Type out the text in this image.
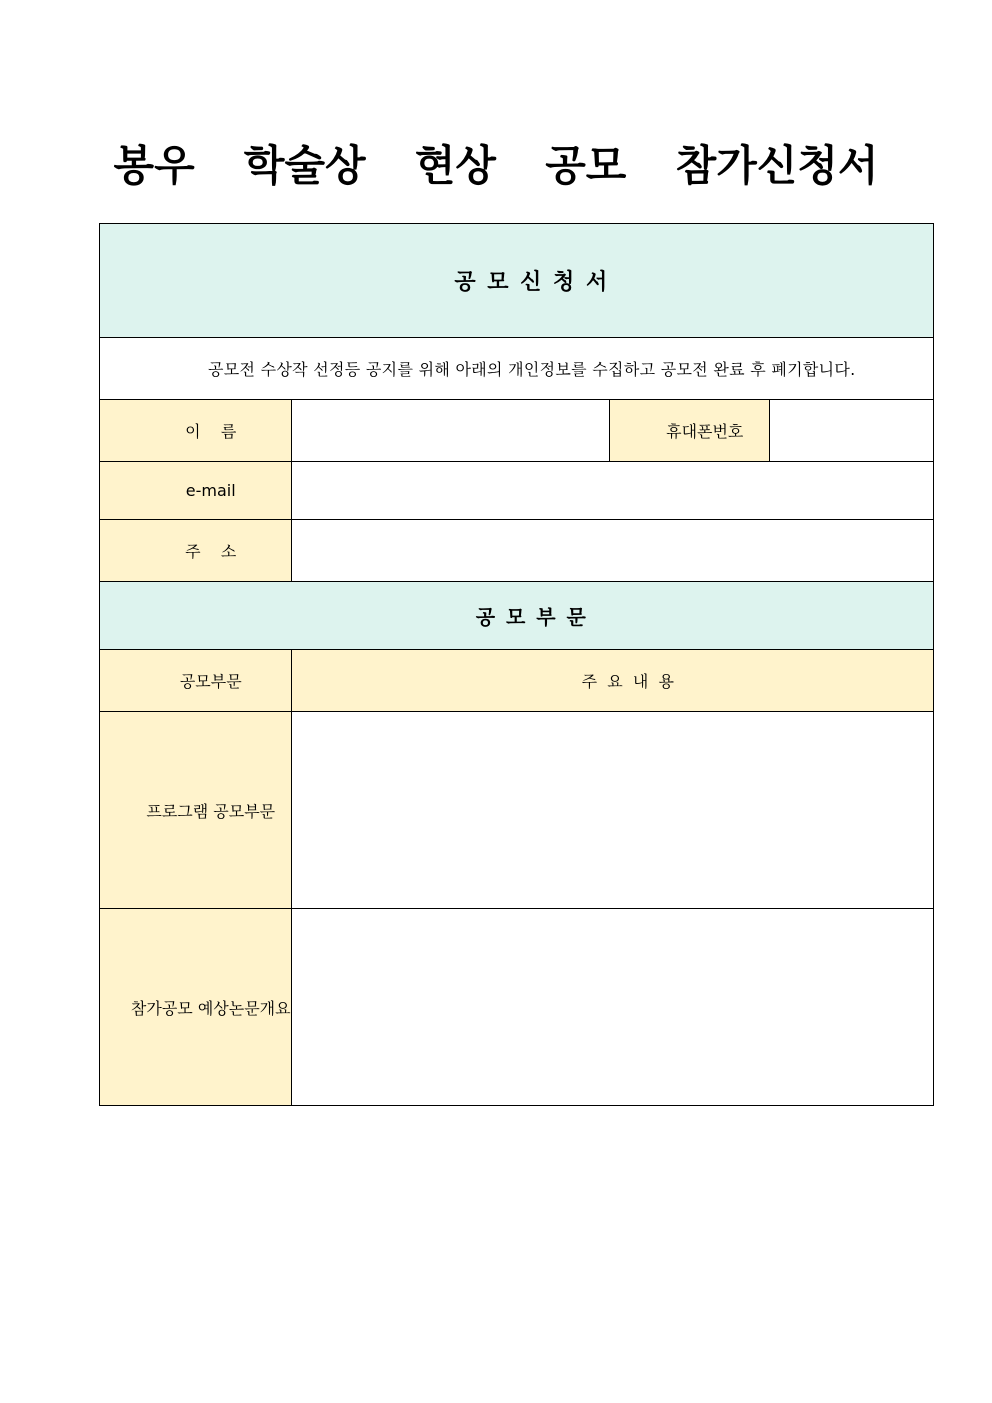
봉우  학술상  현상  공모  참가신청서

공 모 신 청 서			

공모전 수상작 선정등 공지를 위해 아래의 개인정보를 수집하고 공모전 완료 후 폐기합니다.			

이    름		휴대폰번호

e-mail		

주    소		

공 모 부 문			

공모부문	주  요  내  용		

프로그램 공모부문		

참가공모 예상논문개요		
